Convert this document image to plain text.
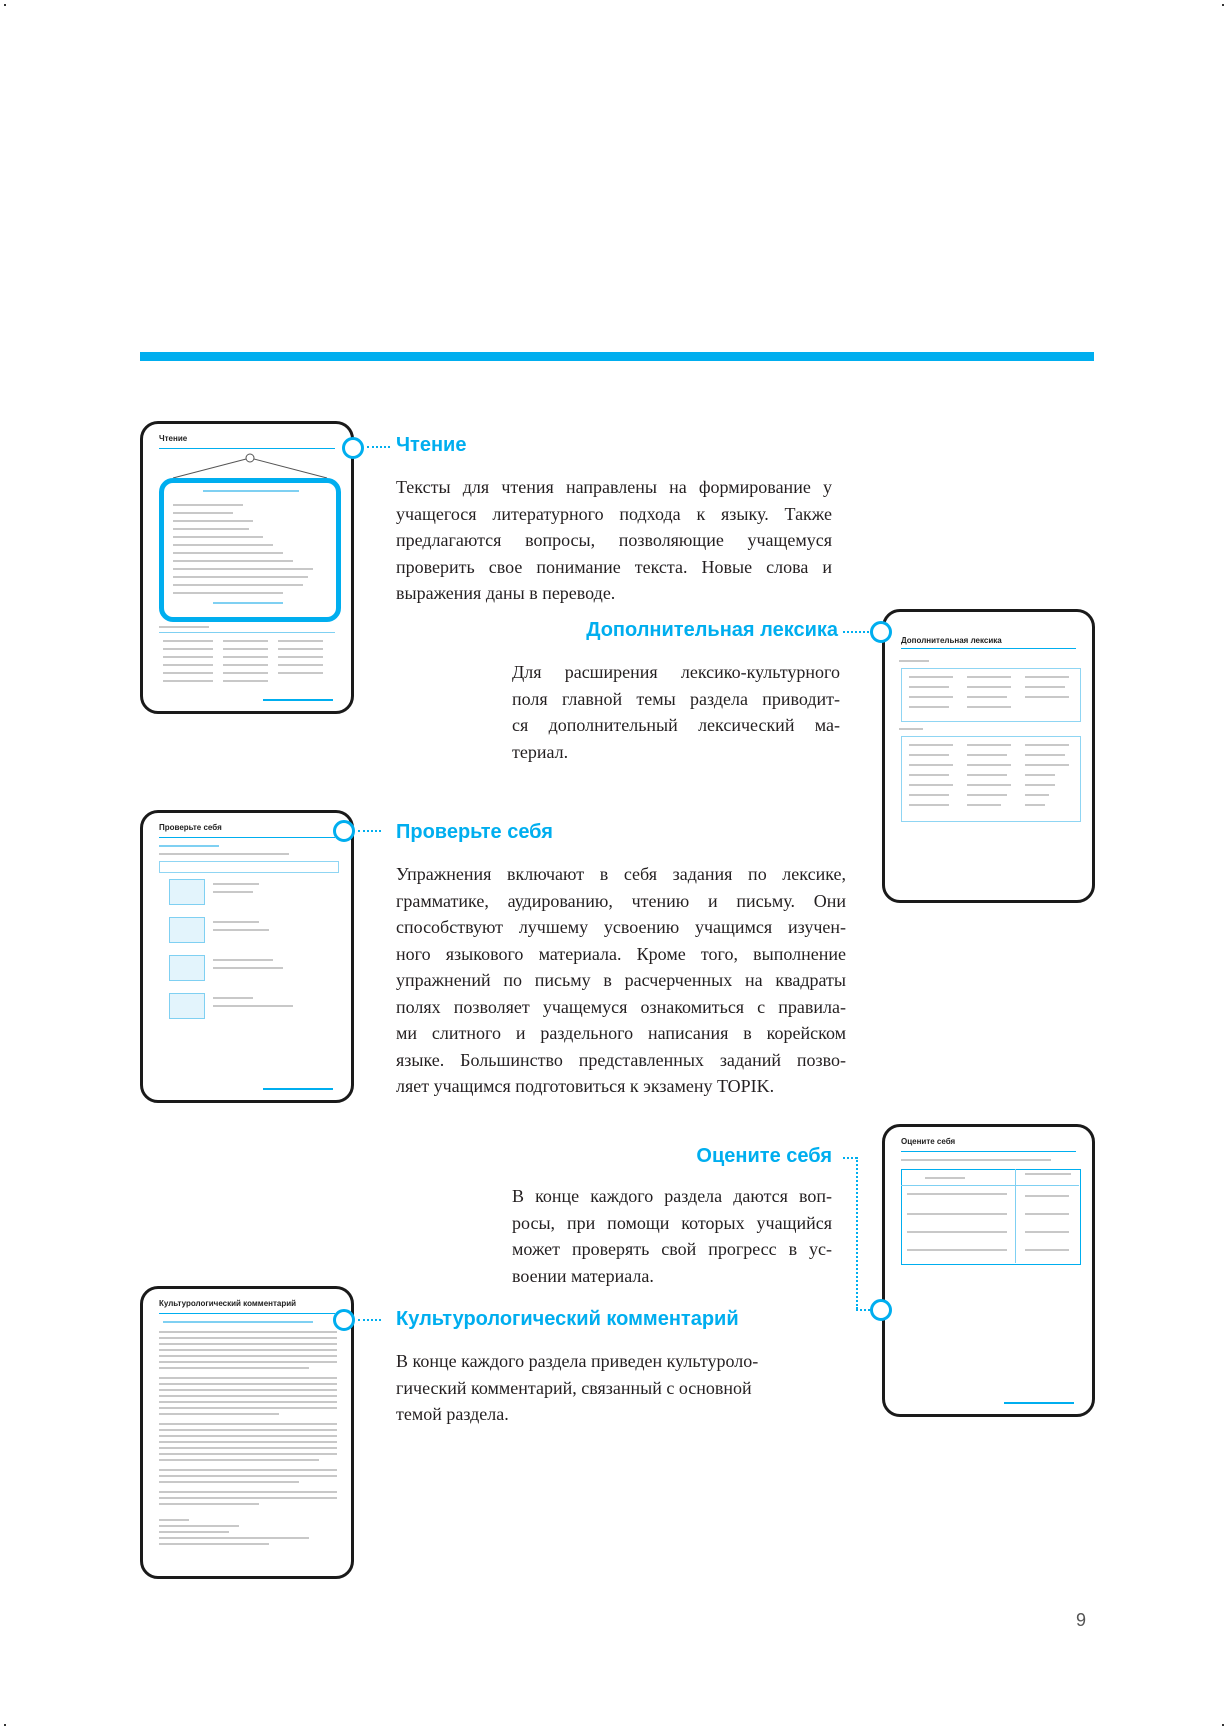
Чтение	Чтение
Тексты для чтения направлены на формирование у
учащегося литературного подхода к языку. Также
предлагаются вопросы, позволяющие учащемуся
проверить свое понимание текста. Новые слова и
выражения даны в переводе.
Дополнительная лексика
Дополнительная лексика
Для расширения лексико-культурного
поля главной темы раздела приводит-
ся дополнительный лексический ма-
териал.
Проверьте себя	Проверьте себя
Упражнения включают в себя задания по лексике,
грамматике, аудированию, чтению и письму. Они
способствуют лучшему усвоению учащимся изучен-
ного языкового материала. Кроме того, выполнение
упражнений по письму в расчерченных на квадраты
полях позволяет учащемуся ознакомиться с правила-
ми слитного и раздельного написания в корейском
языке. Большинство представленных заданий позво-
ляет учащимся подготовиться к экзамену TOPIK.
Оцените себя
Оцените себя
В конце каждого раздела даются воп-
росы, при помощи которых учащийся
может проверять свой прогресс в ус-
воении материала.
Культурологический комментарий
Культурологический комментарий
В конце каждого раздела приведен культуроло-
гический комментарий, связанный с основной
темой раздела.
9
